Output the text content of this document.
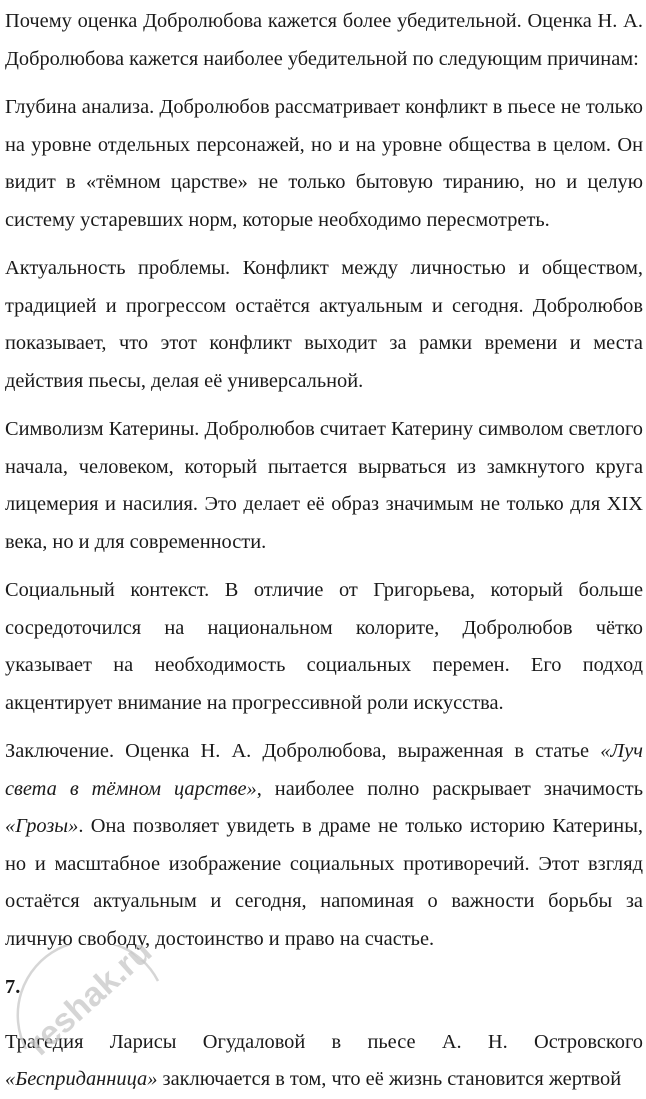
Почему оценка Добролюбова кажется более убедительной. Оценка Н. А. Добролюбова кажется наиболее убедительной по следующим причинам:

Глубина анализа. Добролюбов рассматривает конфликт в пьесе не только на уровне отдельных персонажей, но и на уровне общества в целом. Он видит в «тёмном царстве» не только бытовую тиранию, но и целую систему устаревших норм, которые необходимо пересмотреть.

Актуальность проблемы. Конфликт между личностью и обществом, традицией и прогрессом остаётся актуальным и сегодня. Добролюбов показывает, что этот конфликт выходит за рамки времени и места действия пьесы, делая её универсальной.

Символизм Катерины. Добролюбов считает Катерину символом светлого начала, человеком, который пытается вырваться из замкнутого круга лицемерия и насилия. Это делает её образ значимым не только для XIX века, но и для современности.

Социальный контекст. В отличие от Григорьева, который больше сосредоточился на национальном колорите, Добролюбов чётко указывает на необходимость социальных перемен. Его подход акцентирует внимание на прогрессивной роли искусства.

Заключение. Оценка Н. А. Добролюбова, выраженная в статье «Луч света в тёмном царстве», наиболее полно раскрывает значимость «Грозы». Она позволяет увидеть в драме не только историю Катерины, но и масштабное изображение социальных противоречий. Этот взгляд остаётся актуальным и сегодня, напоминая о важности борьбы за личную свободу, достоинство и право на счастье.

7.

Трагедия Ларисы Огудаловой в пьесе А. Н. Островского «Бесприданница» заключается в том, что её жизнь становится жертвой

reshak.ru
